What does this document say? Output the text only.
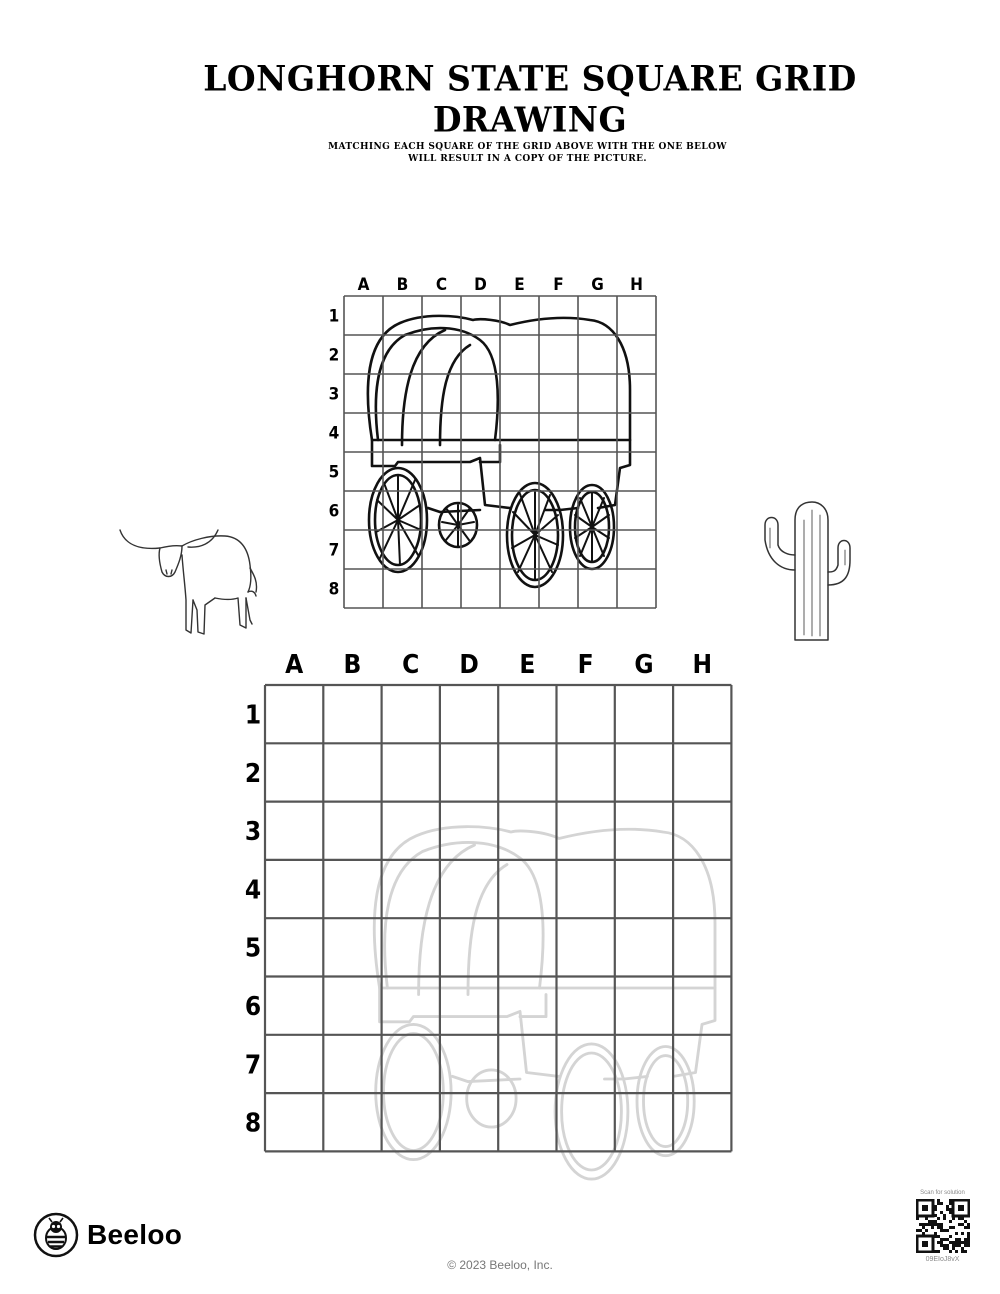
LONGHORN STATE SQUARE GRID DRAWING
MATCHING EACH SQUARE OF THE GRID ABOVE WITH THE ONE BELOW
WILL RESULT IN A COPY OF THE PICTURE.
A B C D E F G H
1
2
3
4
5
6
7
8
A B C D E F G H
1
2
3
4
5
6
7
8
Beeloo
© 2023 Beeloo, Inc.
Scan for solution
09EIoJ8vX
